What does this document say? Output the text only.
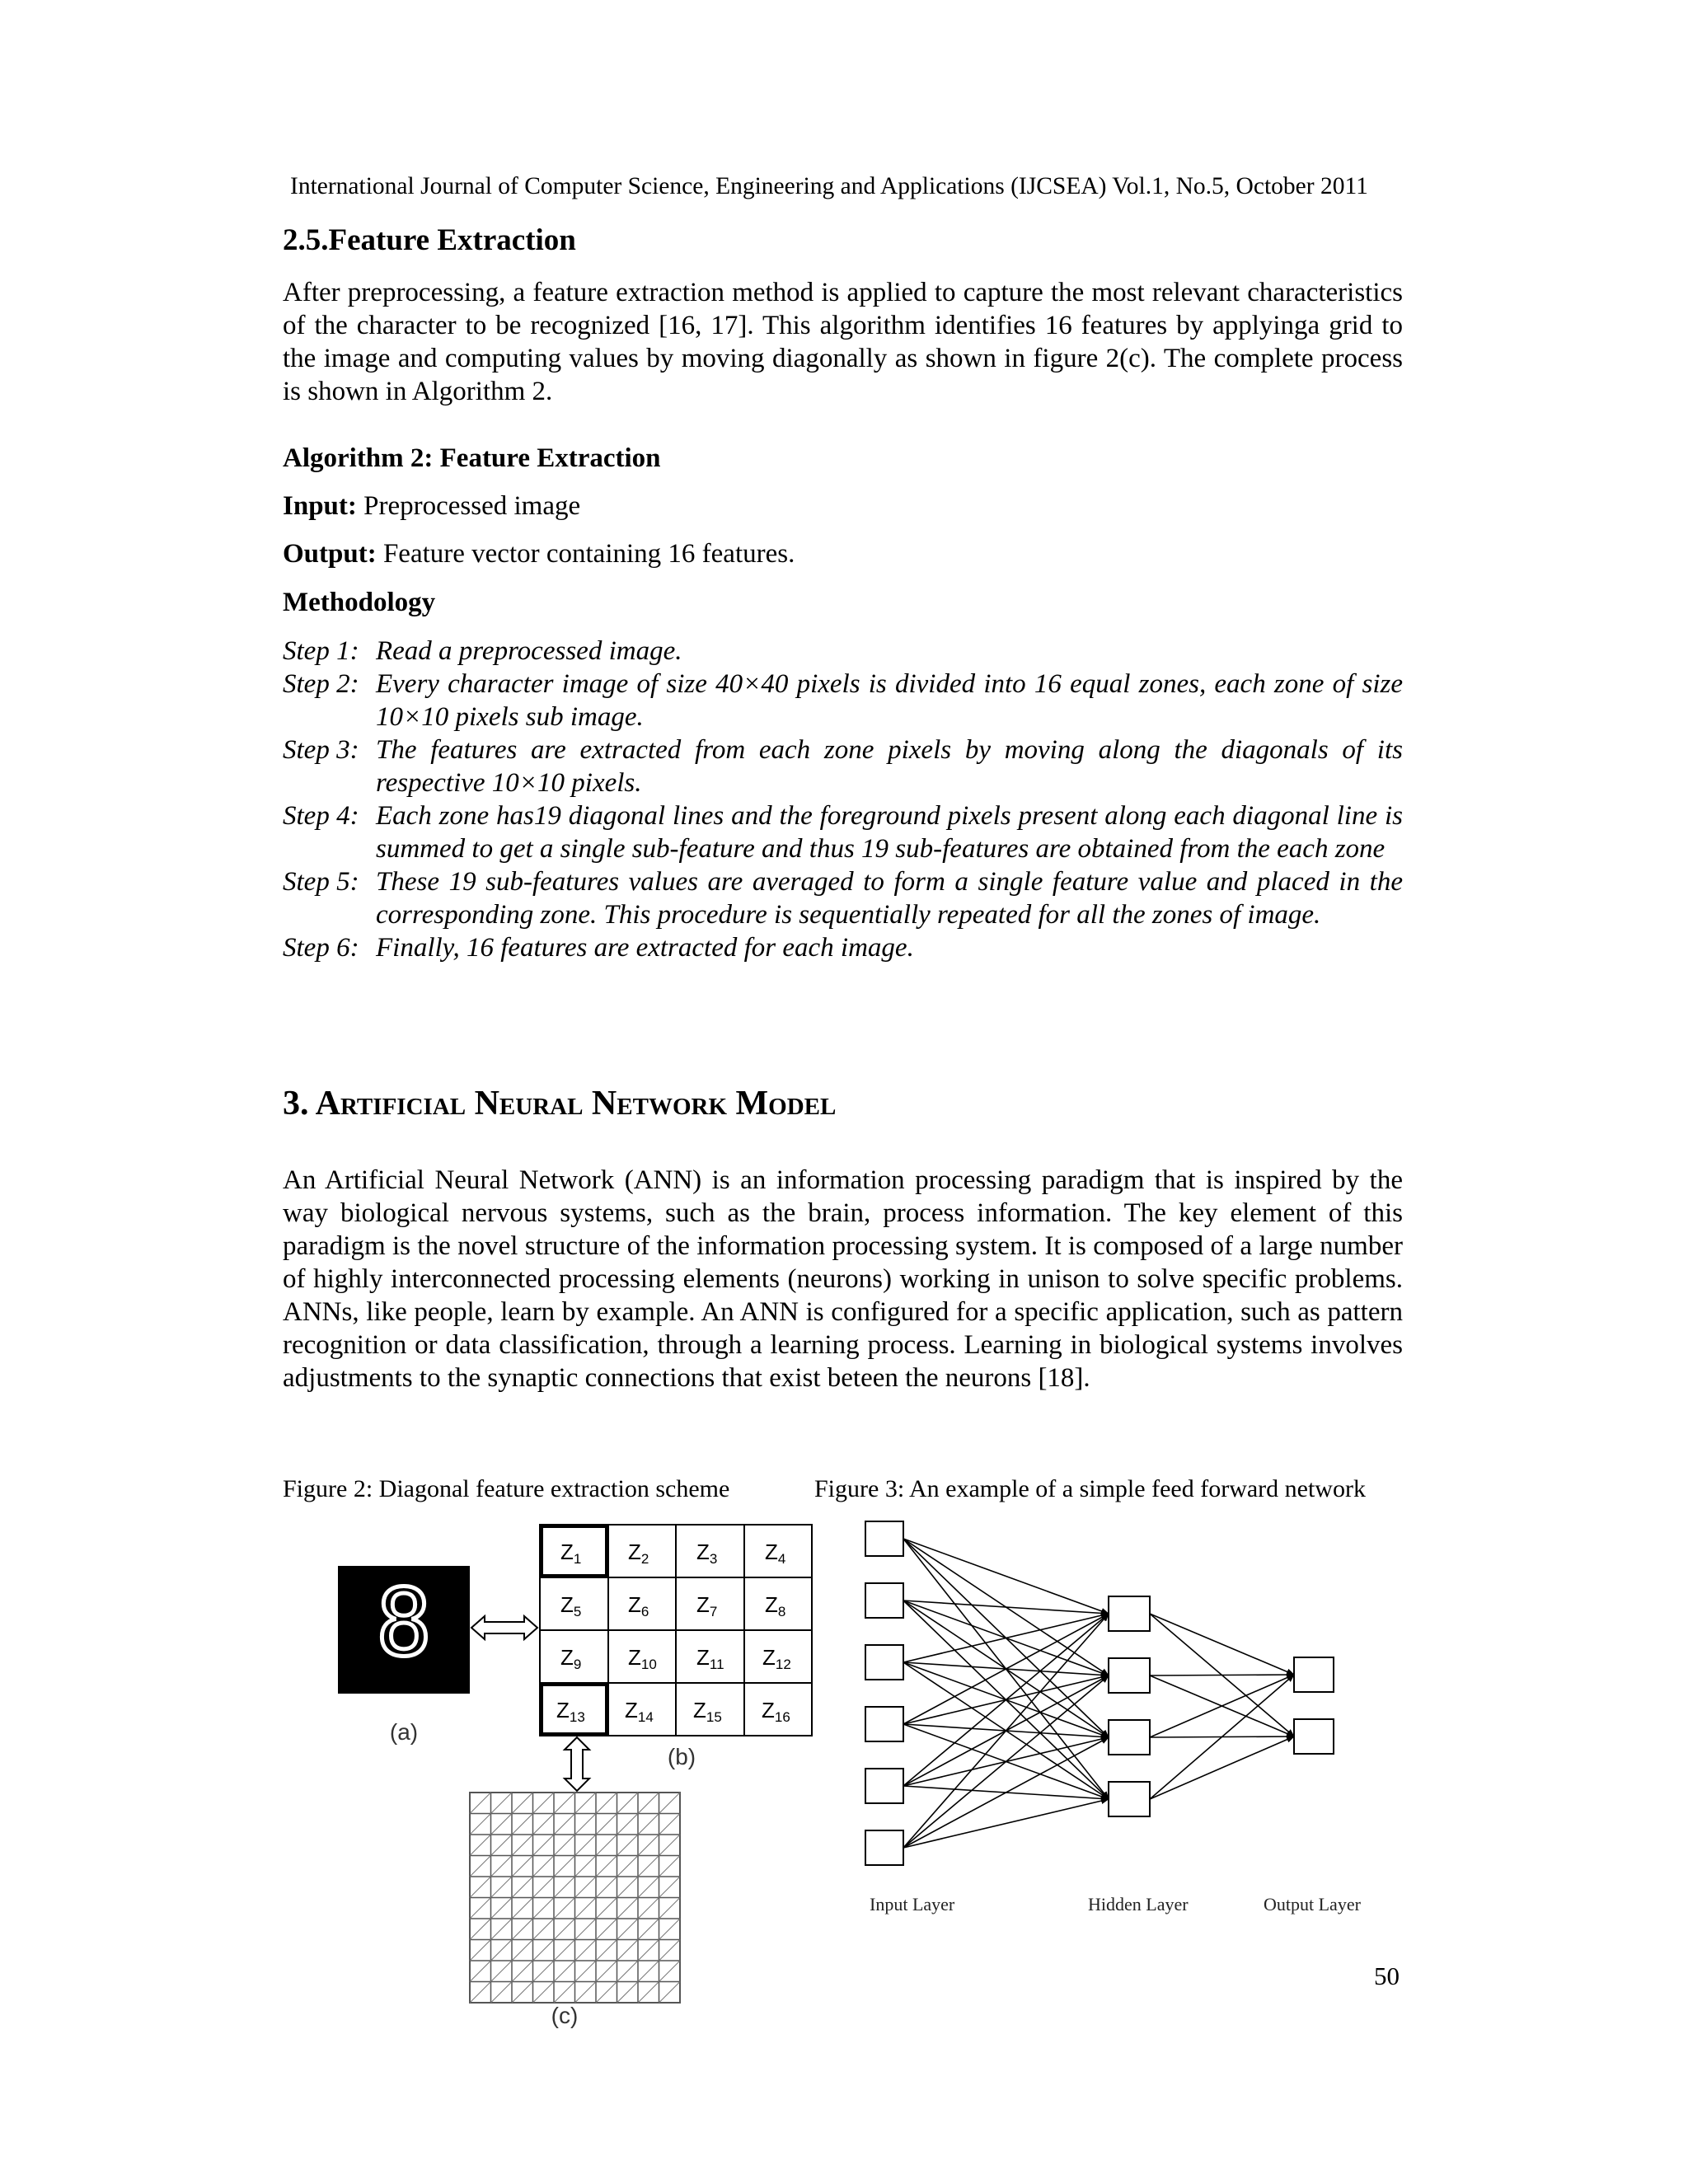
International Journal of Computer Science, Engineering and Applications (IJCSEA) Vol.1, No.5, October 2011
2.5.Feature Extraction
After preprocessing, a feature extraction method is applied to capture the most relevant characteristics of the character to be recognized [16, 17]. This algorithm identifies 16 features by applyinga grid to the image and computing values by moving diagonally as shown in figure 2(c). The complete process is shown in Algorithm 2.
Algorithm 2: Feature Extraction
Input: Preprocessed image
Output: Feature vector containing 16 features.
Methodology
Step 1: Read a preprocessed image.
Step 2: Every character image of size 40×40 pixels is divided into 16 equal zones, each zone of size 10×10 pixels sub image.
Step 3: The features are extracted from each zone pixels by moving along the diagonals of its respective 10×10 pixels.
Step 4: Each zone has19 diagonal lines and the foreground pixels present along each diagonal line is summed to get a single sub-feature and thus 19 sub-features are obtained from the each zone
Step 5: These 19 sub-features values are averaged to form a single feature value and placed in the corresponding zone. This procedure is sequentially repeated for all the zones of image.
Step 6: Finally, 16 features are extracted for each image.
3. Artificial Neural Network Model
An Artificial Neural Network (ANN) is an information processing paradigm that is inspired by the way biological nervous systems, such as the brain, process information. The key element of this paradigm is the novel structure of the information processing system. It is composed of a large number of highly interconnected processing elements (neurons) working in unison to solve specific problems. ANNs, like people, learn by example. An ANN is configured for a specific application, such as pattern recognition or data classification, through a learning process. Learning in biological systems involves adjustments to the synaptic connections that exist beteen the neurons [18].
Figure 2: Diagonal feature extraction scheme	Figure 3: An example of a simple feed forward network
8
(a)
Z1 Z2 Z3 Z4
Z5 Z6 Z7 Z8
Z9 Z10 Z11 Z12
Z13 Z14 Z15 Z16
(b)
(c)
Input Layer	Hidden Layer	Output Layer
50
